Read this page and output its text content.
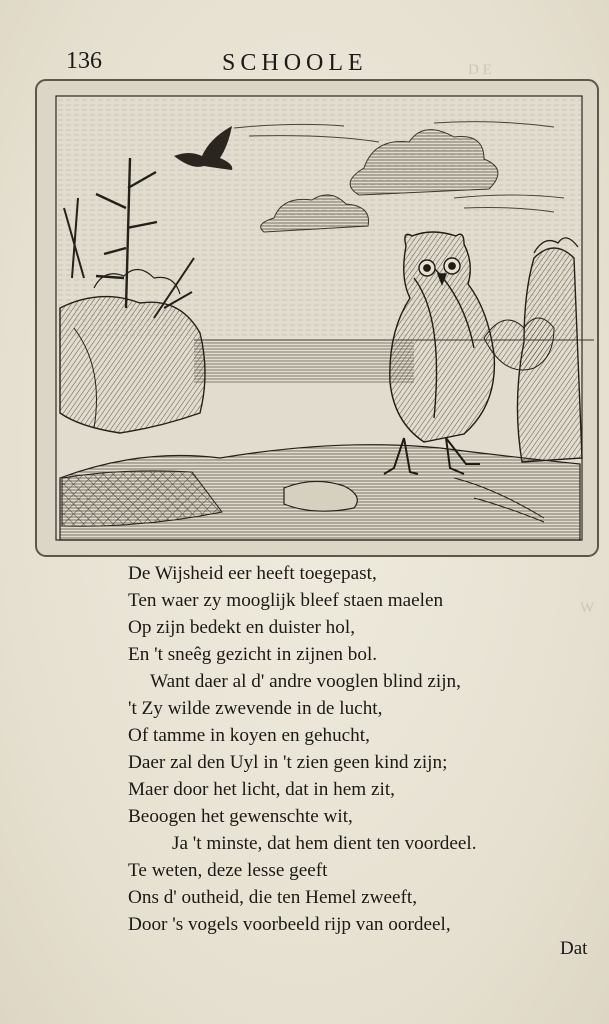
136	SCHOOLE	D E
W
De Wijsheid eer heeft toegepast,
Ten waer zy mooglijk bleef staen maelen
Op zijn bedekt en duister hol,
En 't sneêg gezicht in zijnen bol.
Want daer al d' andre vooglen blind zijn,
't Zy wilde zwevende in de lucht,
Of tamme in koyen en gehucht,
Daer zal den Uyl in 't zien geen kind zijn;
Maer door het licht, dat in hem zit,
Beoogen het gewenschte wit,
Ja 't minste, dat hem dient ten voordeel.
Te weten, deze lesse geeft
Ons d' outheid, die ten Hemel zweeft,
Door 's vogels voorbeeld rijp van oordeel,
Dat
